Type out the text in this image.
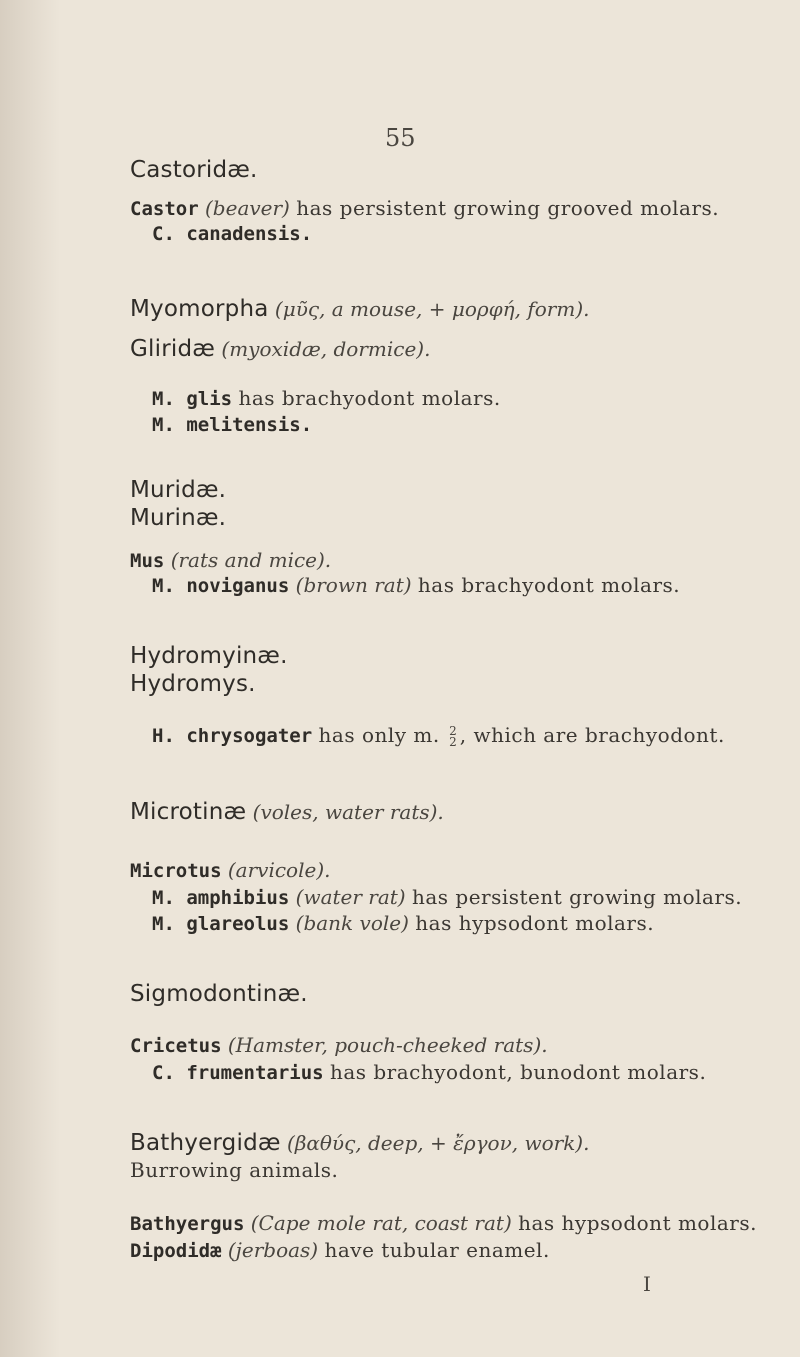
55
Castoridæ.
Castor (beaver) has persistent growing grooved molars.
C. canadensis.
Myomorpha (μῦς, a mouse, + μορφή, form).
Gliridæ (myoxidæ, dormice).
M. glis has brachyodont molars.
M. melitensis.
Muridæ.
Murinæ.
Mus (rats and mice).
M. noviganus (brown rat) has brachyodont molars.
Hydromyinæ.
Hydromys.
H. chrysogater has only m. 2
2 , which are brachyodont.
Microtinæ (voles, water rats).
Microtus (arvicole).
M. amphibius (water rat) has persistent growing molars.
M. glareolus (bank vole) has hypsodont molars.
Sigmodontinæ.
Cricetus (Hamster, pouch-cheeked rats).
C. frumentarius has brachyodont, bunodont molars.
Bathyergidæ (βαθύς, deep, + ἔργον, work).
Burrowing animals.
Bathyergus (Cape mole rat, coast rat) has hypsodont molars.
Dipodidæ (jerboas) have tubular enamel.
I
